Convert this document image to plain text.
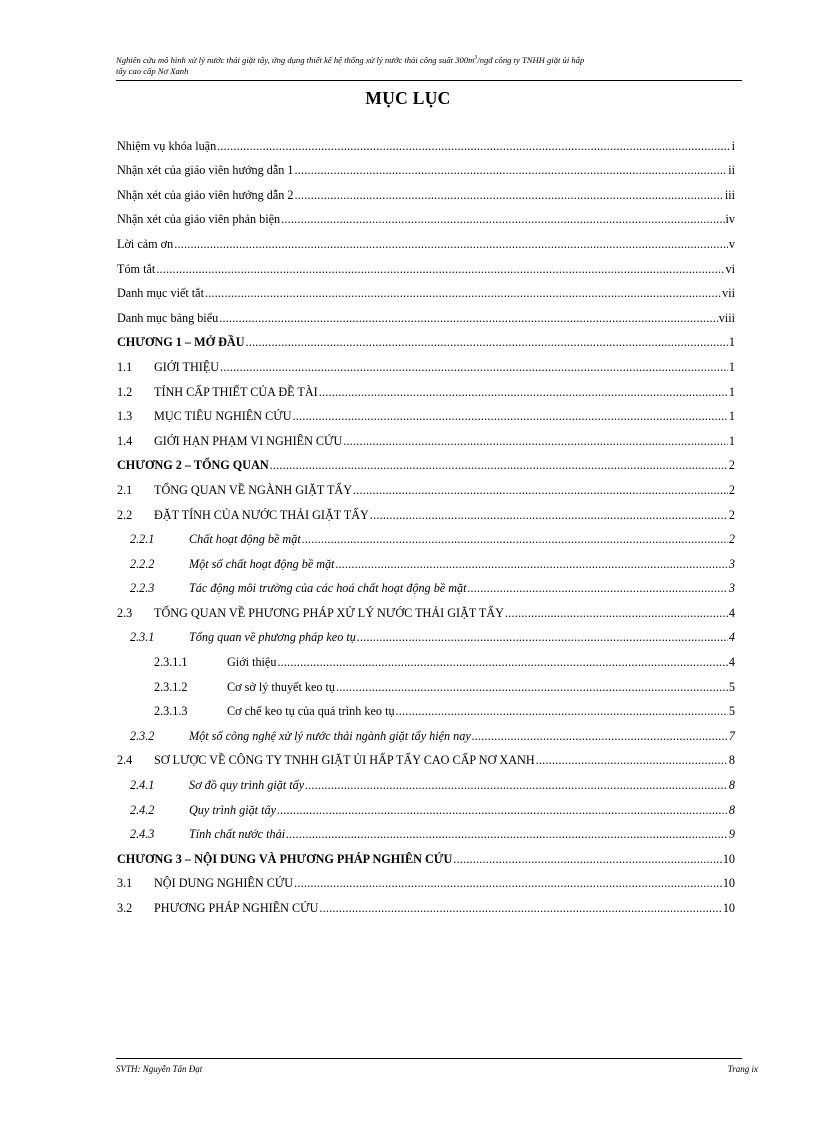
Nghiên cứu mô hình xử lý nước thải giặt tẩy, ứng dụng thiết kế hệ thống xử lý nước thải công suất $300m^3$/ngđ công ty TNHH giặt ủi hấp
tẩy cao cấp Nơ Xanh
MỤC LỤC
Nhiệm vụ khóa luận .....	i
Nhận xét của giáo viên hướng dẫn 1 .....	ii
Nhận xét của giáo viên hướng dẫn 2 .....	iii
Nhận xét của giáo viên phản biện .....	iv
Lời cảm ơn .....	v
Tóm tắt .....	vi
Danh mục viết tắt .....	vii
Danh mục bảng biểu .....	viii
CHƯƠNG 1 – MỞ ĐẦU .....	1
1.1	GIỚI THIỆU .....	1
1.2	TÍNH CẤP THIẾT CỦA ĐỀ TÀI .....	1
1.3	MỤC TIÊU NGHIÊN CỨU .....	1
1.4	GIỚI HẠN PHẠM VI NGHIÊN CỨU .....	1
CHƯƠNG 2 – TỔNG QUAN .....	2
2.1	TỔNG QUAN VỀ NGÀNH GIẶT TẨY .....	2
2.2	ĐẶT TÍNH CỦA NƯỚC THẢI GIẶT TẨY .....	2
2.2.1	Chất hoạt động bề mặt .....	2
2.2.2	Một số chất hoạt động bề mặt .....	3
2.2.3	Tác động môi trường của các hoá chất hoạt động bề mặt .....	3
2.3	TỔNG QUAN VỀ PHƯƠNG PHÁP XỬ LÝ NƯỚC THẢI GIẶT TẨY .....	4
2.3.1	Tổng quan về phương pháp keo tụ .....	4
2.3.1.1	Giới thiệu .....	4
2.3.1.2	Cơ sở lý thuyết keo tụ .....	5
2.3.1.3	Cơ chế keo tụ của quá trình keo tụ .....	5
2.3.2	Một số công nghệ xử lý nước thải ngành giặt tẩy hiện nay .....	7
2.4	SƠ LƯỢC VỀ CÔNG TY TNHH GIẶT ỦI HẤP TẨY CAO CẤP NƠ XANH .....	8
2.4.1	Sơ đồ quy trình giặt tẩy .....	8
2.4.2	Quy trình giặt tây .....	8
2.4.3	Tính chất nước thải .....	9
CHƯƠNG 3 – NỘI DUNG VÀ PHƯƠNG PHÁP NGHIÊN CỨU .....	10
3.1	NỘI DUNG NGHIÊN CỨU .....	10
3.2	PHƯƠNG PHÁP NGHIÊN CỨU .....	10
SVTH: Nguyễn Tấn Đạt	Trang ix
